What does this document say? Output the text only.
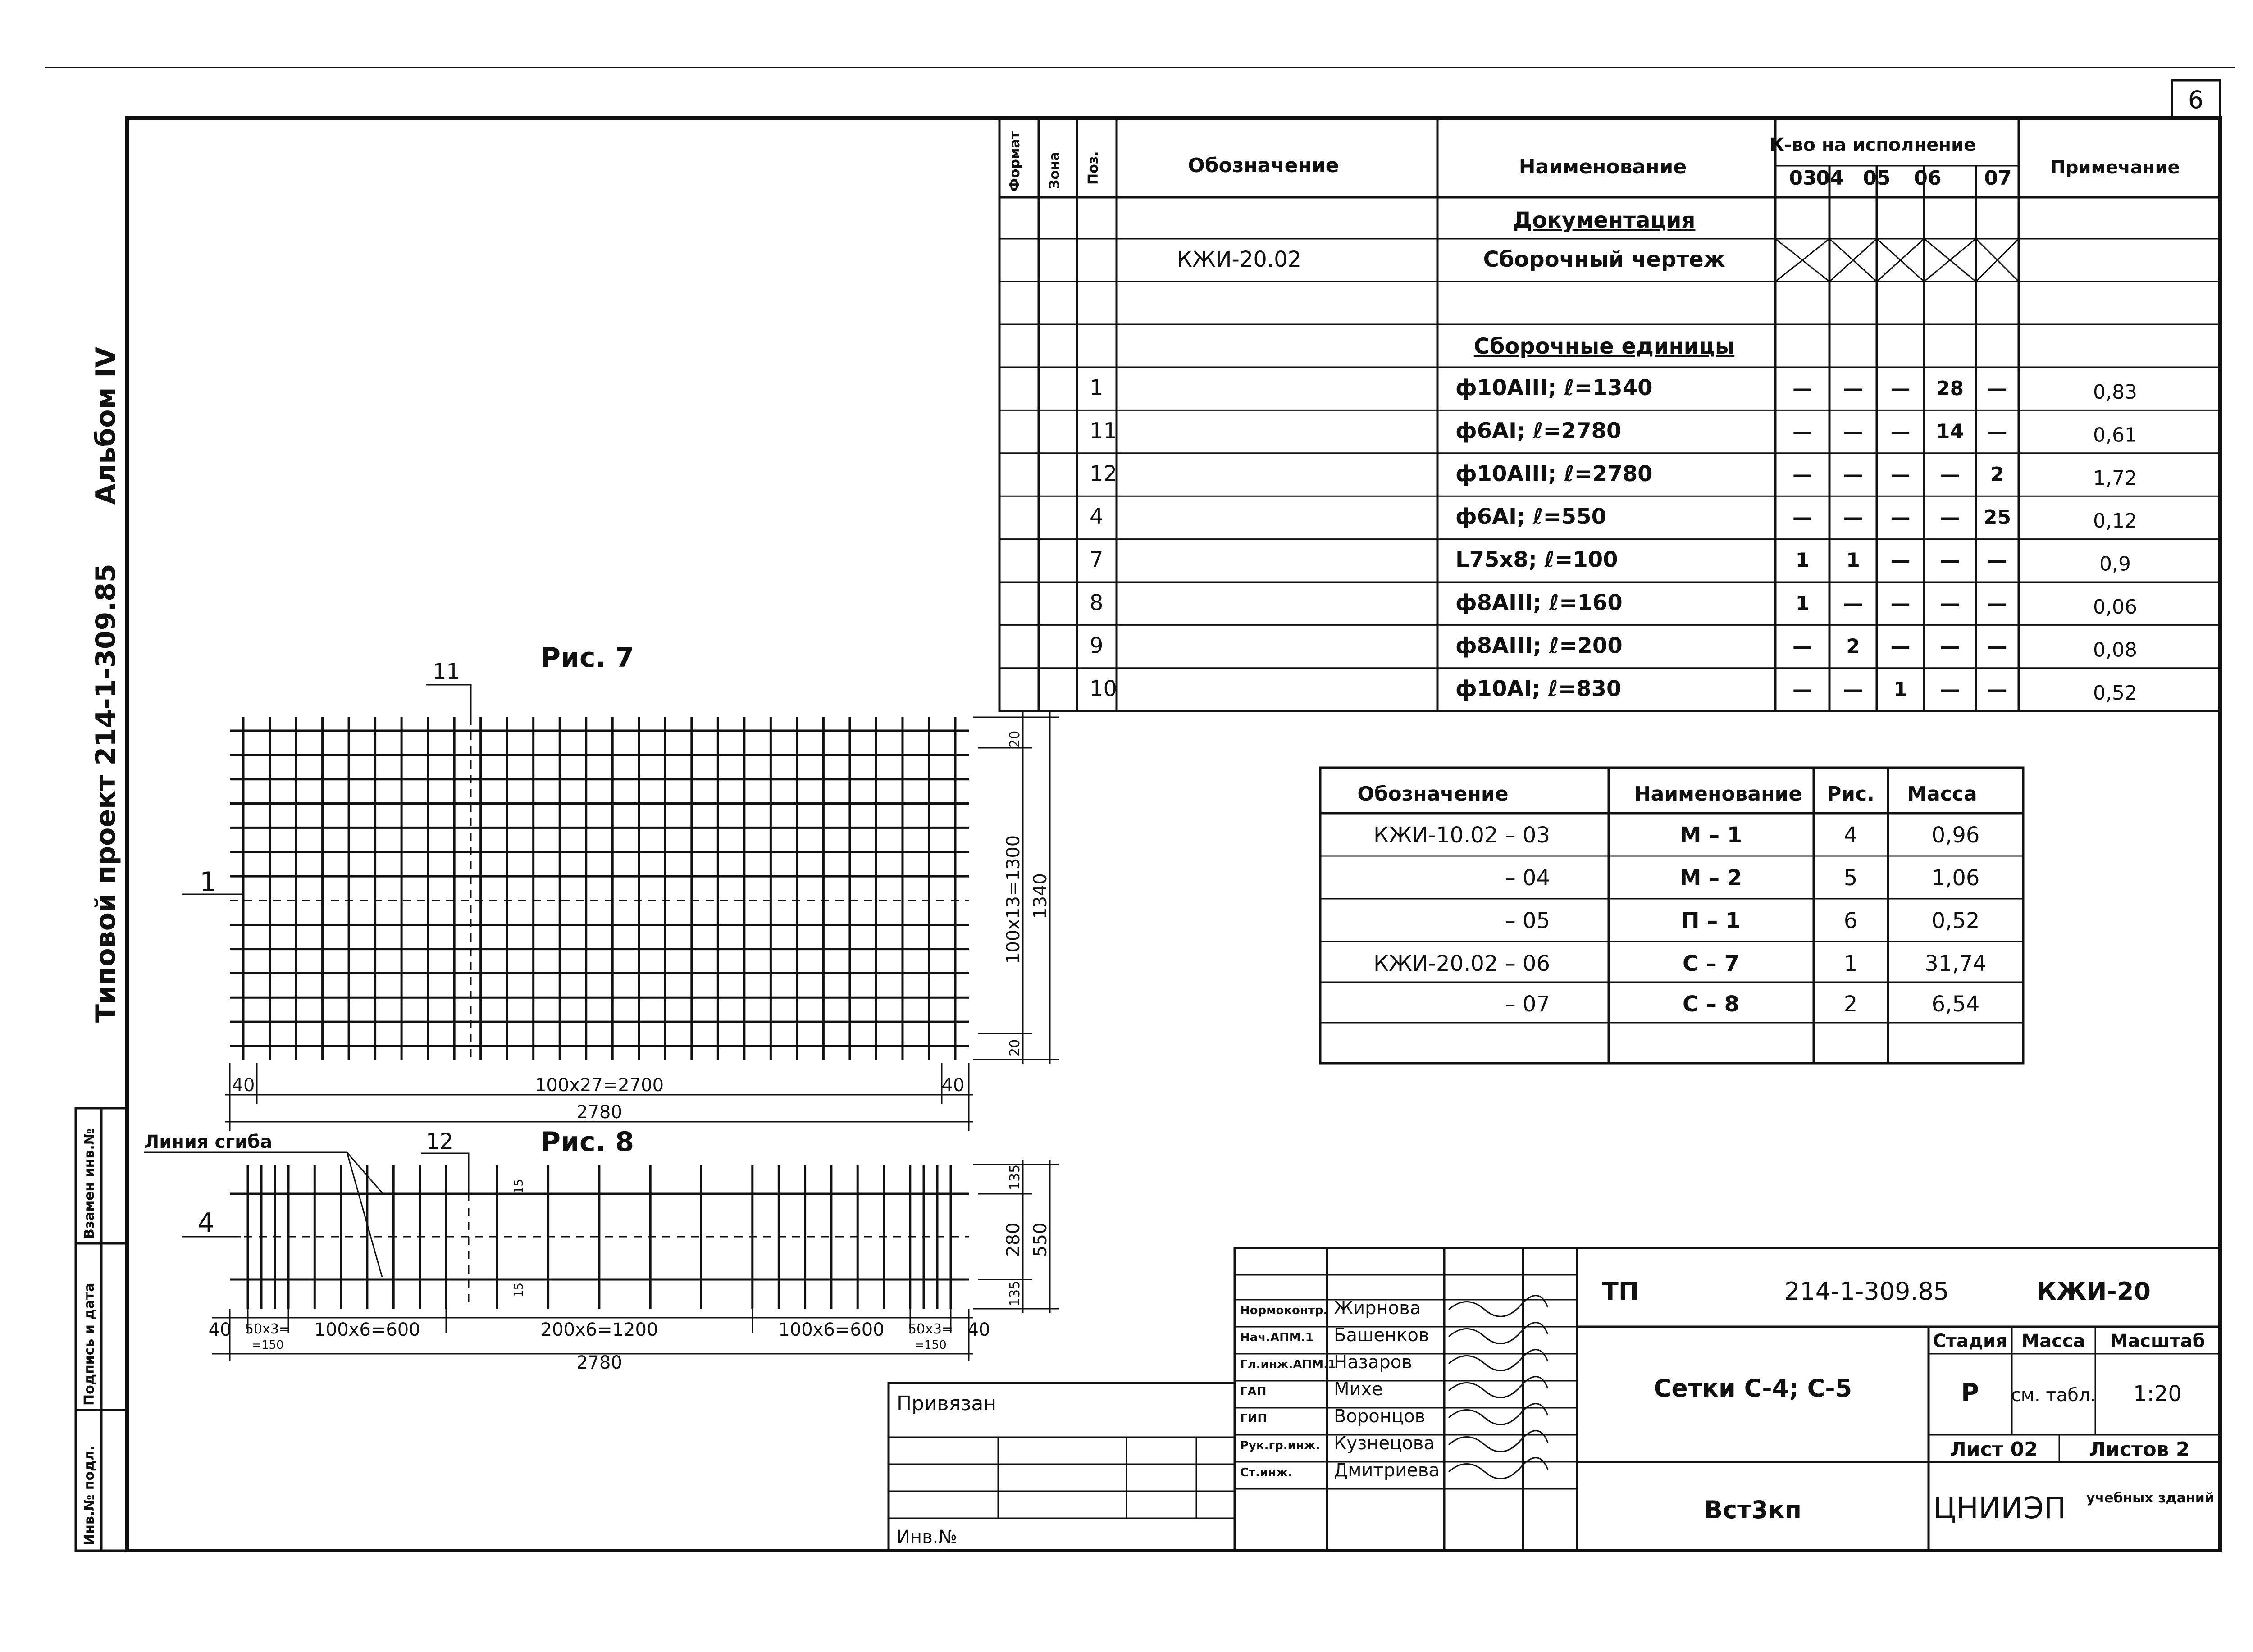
6
Типовой проект 214-1-309.85
Альбом IV
Взамен инв.№
Подпись и дата
Инв.№ подл.
Формат Зона Поз.	Обозначение	Наименование
К-во на исполнение
03
04 05 06 07 Примечание
Документация
КЖИ-20.02	Сборочный чертеж
Сборочные единицы
1	ф10АIII; ℓ=1340	— — — 28 —	0,83
11	ф6АI; ℓ=2780	— — — 14 —	0,61
12	ф10АIII; ℓ=2780	— — — — 2	1,72
4	ф6АI; ℓ=550	— — — — 25	0,12
7	L75х8; ℓ=100	1 1 — — —	0,9
8	ф8АIII; ℓ=160	1 — — — —	0,06
9	ф8АIII; ℓ=200	— 2 — — —	0,08
10	ф10АI; ℓ=830	— — 1 — —	0,52
Обозначение	Наименование Рис. Масса
КЖИ-10.02 – 03	М – 1	4	0,96
– 04	М – 2	5	1,06
– 05	П – 1	6	0,52
КЖИ-20.02 – 06	С – 7	1	31,74
– 07	С – 8	2	6,54
Рис. 7
11
1
20
100х13=1300
20
1340
40	100х27=2700	40
2780
Рис. 8
Линия сгиба	12
4
15
15
135
280
135
550
40 50х3=
=150
100х6=600	200х6=1200	100х6=600 50х3=
=150
40
2780
Привязан
Инв.№
ТП	214-1-309.85	КЖИ-20
Сетки С-4; С-5
Вст3кп
Стадия Масса Масштаб
Р см. табл. 1:20
Лист 02	Листов 2
ЦНИИЭП учебных зданий
Нормоконтр. Жирнова
Нач.АПМ.1 Башенков
Гл.инж.АПМ.1
Назаров
ГАП	Михе
ГИП	Воронцов
Рук.гр.инж. Кузнецова
Ст.инж. Дмитриева
